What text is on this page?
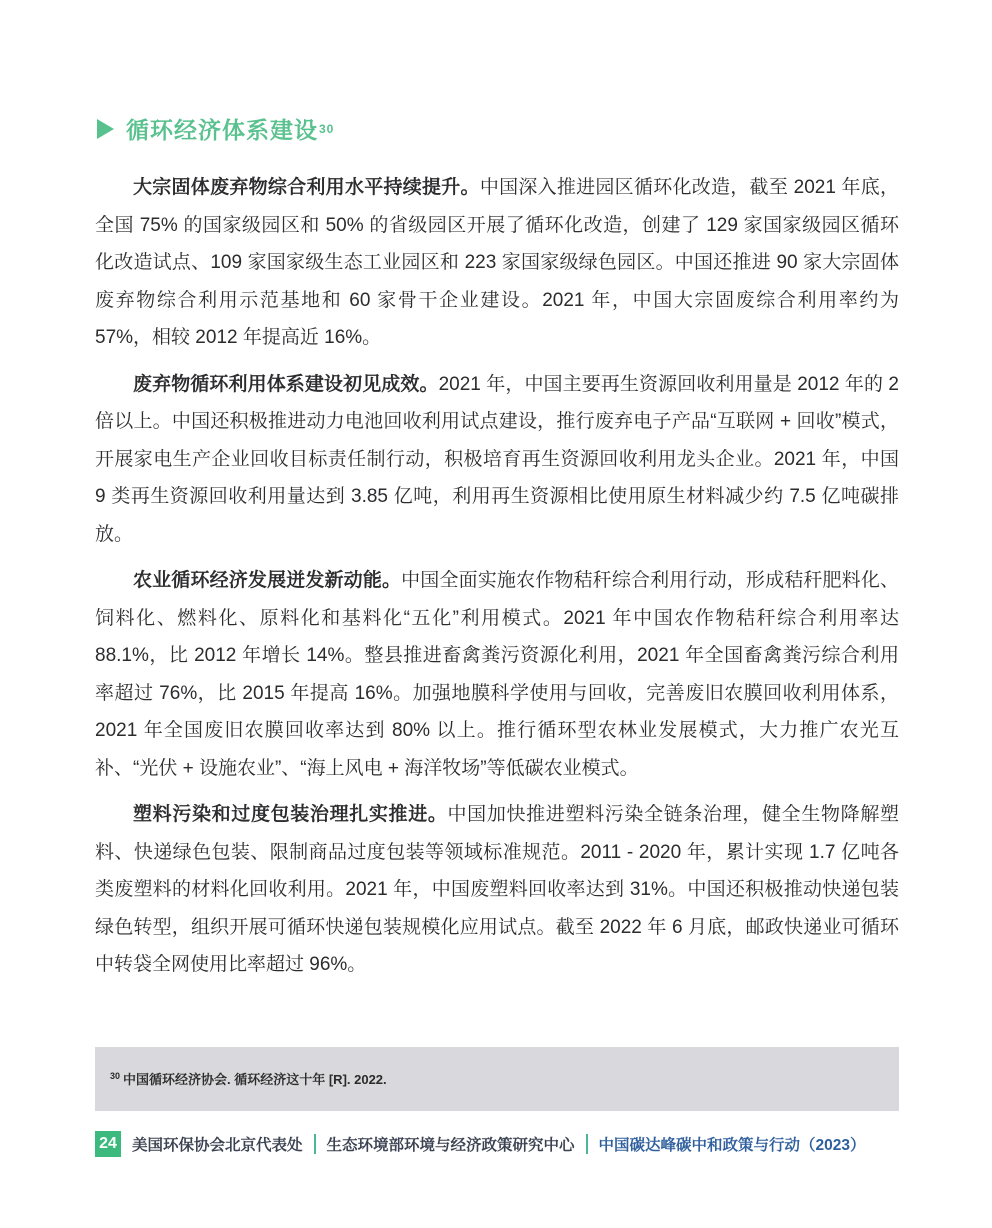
循环经济体系建设 30

大宗固体废弃物综合利用水平持续提升。中国深入推进园区循环化改造，截至 2021 年底，全国 75% 的国家级园区和 50% 的省级园区开展了循环化改造，创建了 129 家国家级园区循环化改造试点、109 家国家级生态工业园区和 223 家国家级绿色园区。中国还推进 90 家大宗固体废弃物综合利用示范基地和 60 家骨干企业建设。2021 年，中国大宗固废综合利用率约为 57%，相较 2012 年提高近 16%。

废弃物循环利用体系建设初见成效。2021 年，中国主要再生资源回收利用量是 2012 年的 2 倍以上。中国还积极推进动力电池回收利用试点建设，推行废弃电子产品“互联网 + 回收”模式，开展家电生产企业回收目标责任制行动，积极培育再生资源回收利用龙头企业。2021 年，中国 9 类再生资源回收利用量达到 3.85 亿吨，利用再生资源相比使用原生材料减少约 7.5 亿吨碳排放。

农业循环经济发展迸发新动能。中国全面实施农作物秸秆综合利用行动，形成秸秆肥料化、饲料化、燃料化、原料化和基料化“五化”利用模式。2021 年中国农作物秸秆综合利用率达 88.1%，比 2012 年增长 14%。整县推进畜禽粪污资源化利用，2021 年全国畜禽粪污综合利用率超过 76%，比 2015 年提高 16%。加强地膜科学使用与回收，完善废旧农膜回收利用体系，2021 年全国废旧农膜回收率达到 80% 以上。推行循环型农林业发展模式，大力推广农光互补、“光伏 + 设施农业”、“海上风电 + 海洋牧场”等低碳农业模式。

塑料污染和过度包装治理扎实推进。中国加快推进塑料污染全链条治理，健全生物降解塑料、快递绿色包装、限制商品过度包装等领域标准规范。2011 - 2020 年，累计实现 1.7 亿吨各类废塑料的材料化回收利用。2021 年，中国废塑料回收率达到 31%。中国还积极推动快递包装绿色转型，组织开展可循环快递包装规模化应用试点。截至 2022 年 6 月底，邮政快递业可循环中转袋全网使用比率超过 96%。

$^{30}$ 中国循环经济协会. 循环经济这十年 [R]. 2022.
24 美国环保协会北京代表处 生态环境部环境与经济政策研究中心 中国碳达峰碳中和政策与行动（2023）
